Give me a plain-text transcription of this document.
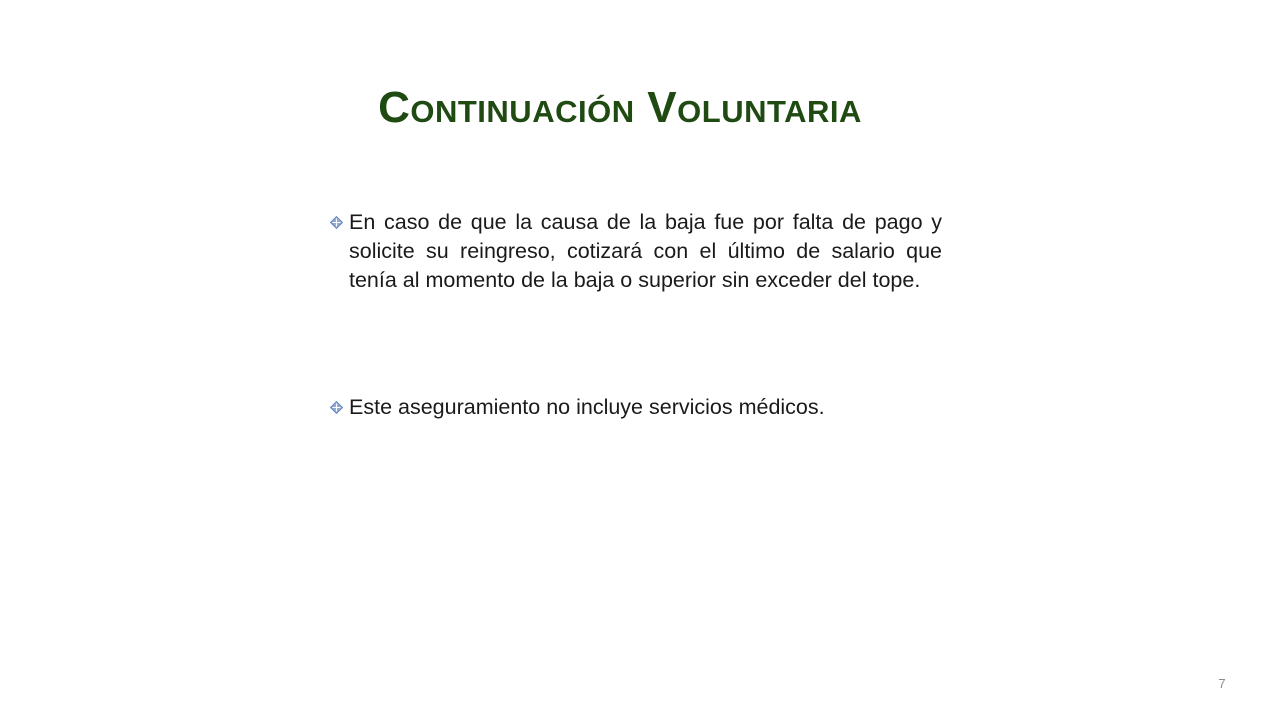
Continuación Voluntaria
En caso de que la causa de la baja fue por falta de pago y solicite su reingreso, cotizará con el último de salario que tenía al momento de la baja o superior sin exceder del tope.
Este aseguramiento no incluye servicios médicos.
7
